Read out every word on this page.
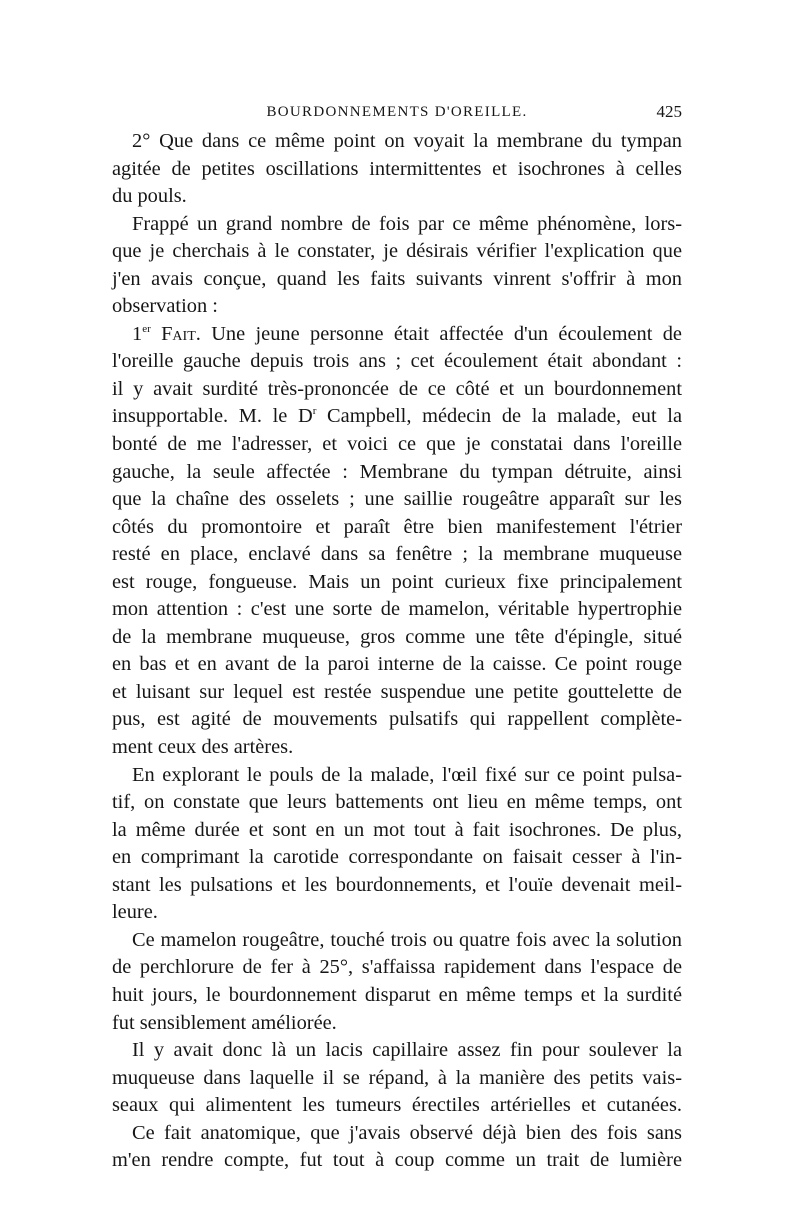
BOURDONNEMENTS D'OREILLE.	425
2° Que dans ce même point on voyait la membrane du tympan
agitée de petites oscillations intermittentes et isochrones à celles
du pouls.
Frappé un grand nombre de fois par ce même phénomène, lors-
que je cherchais à le constater, je désirais vérifier l'explication que
j'en avais conçue, quand les faits suivants vinrent s'offrir à mon
observation :
1er Fait. Une jeune personne était affectée d'un écoulement de
l'oreille gauche depuis trois ans ; cet écoulement était abondant :
il y avait surdité très-prononcée de ce côté et un bourdonnement
insupportable. M. le $D^r$ Campbell, médecin de la malade, eut la
bonté de me l'adresser, et voici ce que je constatai dans l'oreille
gauche, la seule affectée : Membrane du tympan détruite, ainsi
que la chaîne des osselets ; une saillie rougeâtre apparaît sur les
côtés du promontoire et paraît être bien manifestement l'étrier
resté en place, enclavé dans sa fenêtre ; la membrane muqueuse
est rouge, fongueuse. Mais un point curieux fixe principalement
mon attention : c'est une sorte de mamelon, véritable hypertrophie
de la membrane muqueuse, gros comme une tête d'épingle, situé
en bas et en avant de la paroi interne de la caisse. Ce point rouge
et luisant sur lequel est restée suspendue une petite gouttelette de
pus, est agité de mouvements pulsatifs qui rappellent complète-
ment ceux des artères.
En explorant le pouls de la malade, l'œil fixé sur ce point pulsa-
tif, on constate que leurs battements ont lieu en même temps, ont
la même durée et sont en un mot tout à fait isochrones. De plus,
en comprimant la carotide correspondante on faisait cesser à l'in-
stant les pulsations et les bourdonnements, et l'ouïe devenait meil-
leure.
Ce mamelon rougeâtre, touché trois ou quatre fois avec la solution
de perchlorure de fer à 25°, s'affaissa rapidement dans l'espace de
huit jours, le bourdonnement disparut en même temps et la surdité
fut sensiblement améliorée.
Il y avait donc là un lacis capillaire assez fin pour soulever la
muqueuse dans laquelle il se répand, à la manière des petits vais-
seaux qui alimentent les tumeurs érectiles artérielles et cutanées.
Ce fait anatomique, que j'avais observé déjà bien des fois sans
m'en rendre compte, fut tout à coup comme un trait de lumière
